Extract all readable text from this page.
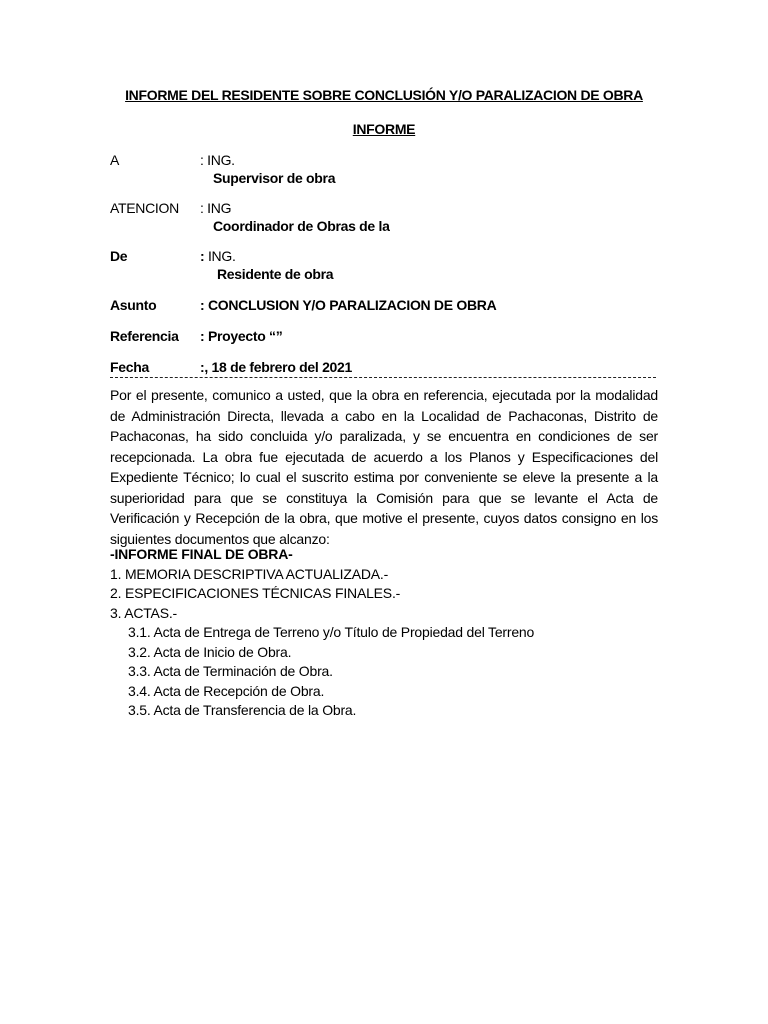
INFORME DEL RESIDENTE SOBRE CONCLUSIÓN Y/O PARALIZACION DE OBRA
INFORME
A	: ING.
Supervisor de obra
ATENCION : ING
Coordinador de Obras de la
De	: ING.
Residente de obra
Asunto	: CONCLUSION Y/O PARALIZACION DE OBRA
Referencia : Proyecto “”
Fecha	:, 18 de febrero del 2021
Por el presente, comunico a usted, que la obra en referencia, ejecutada por la modalidad de Administración Directa, llevada a cabo en la Localidad de Pachaconas, Distrito de Pachaconas, ha sido concluida y/o paralizada, y se encuentra en condiciones de ser recepcionada. La obra fue ejecutada de acuerdo a los Planos y Especificaciones del Expediente Técnico; lo cual el suscrito estima por conveniente se eleve la presente a la superioridad para que se constituya la Comisión para que se levante el Acta de Verificación y Recepción de la obra, que motive el presente, cuyos datos consigno en los siguientes documentos que alcanzo:
-INFORME FINAL DE OBRA-
1. MEMORIA DESCRIPTIVA ACTUALIZADA.-
2. ESPECIFICACIONES TÉCNICAS FINALES.-
3. ACTAS.-
3.1. Acta de Entrega de Terreno y/o Título de Propiedad del Terreno
3.2. Acta de Inicio de Obra.
3.3. Acta de Terminación de Obra.
3.4. Acta de Recepción de Obra.
3.5. Acta de Transferencia de la Obra.
